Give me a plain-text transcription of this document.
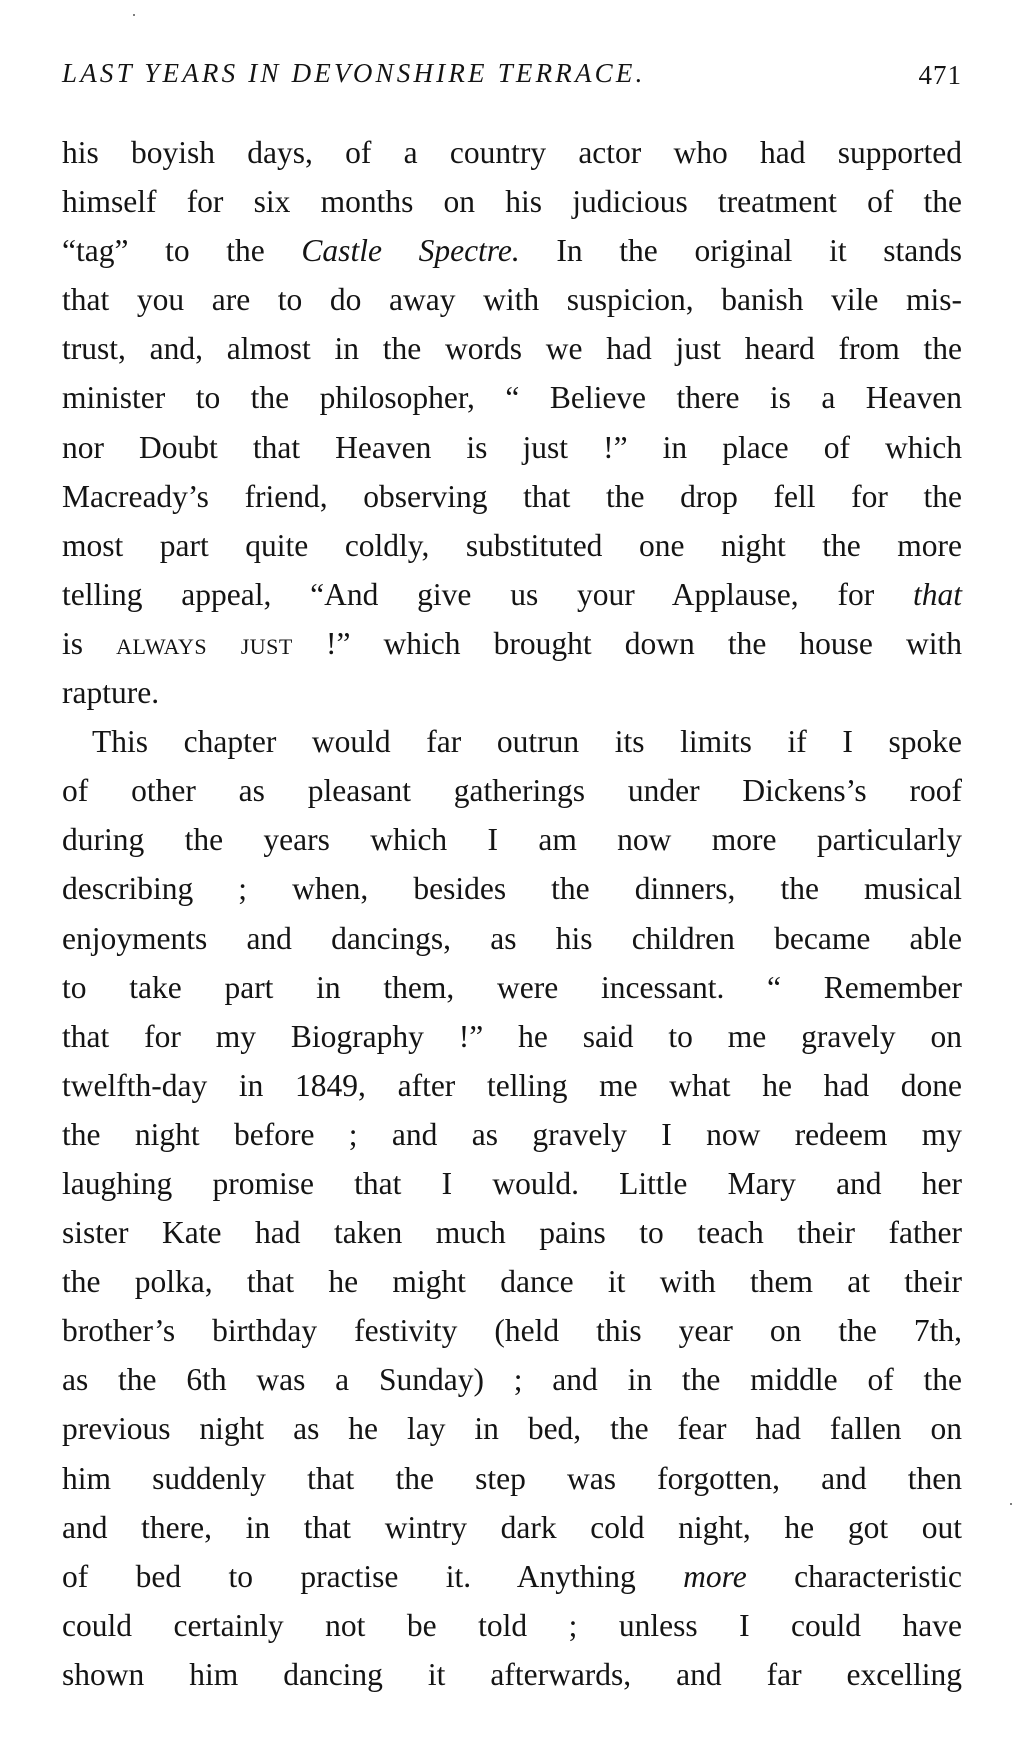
LAST YEARS IN DEVONSHIRE TERRACE.	471
his boyish days, of a country actor who had supported
himself for six months on his judicious treatment of the
“tag” to the Castle Spectre. In the original it stands
that you are to do away with suspicion, banish vile mis-
trust, and, almost in the words we had just heard from the
minister to the philosopher, “ Believe there is a Heaven
nor Doubt that Heaven is just !” in place of which
Macready’s friend, observing that the drop fell for the
most part quite coldly, substituted one night the more
telling appeal, “And give us your Applause, for that
is always just !” which brought down the house with
rapture.
This chapter would far outrun its limits if I spoke
of other as pleasant gatherings under Dickens’s roof
during the years which I am now more particularly
describing ; when, besides the dinners, the musical
enjoyments and dancings, as his children became able
to take part in them, were incessant. “ Remember
that for my Biography !” he said to me gravely on
twelfth-day in 1849, after telling me what he had done
the night before ; and as gravely I now redeem my
laughing promise that I would. Little Mary and her
sister Kate had taken much pains to teach their father
the polka, that he might dance it with them at their
brother’s birthday festivity (held this year on the 7th,
as the 6th was a Sunday) ; and in the middle of the
previous night as he lay in bed, the fear had fallen on
him suddenly that the step was forgotten, and then
and there, in that wintry dark cold night, he got out
of bed to practise it. Anything more characteristic
could certainly not be told ; unless I could have
shown him dancing it afterwards, and far excelling
